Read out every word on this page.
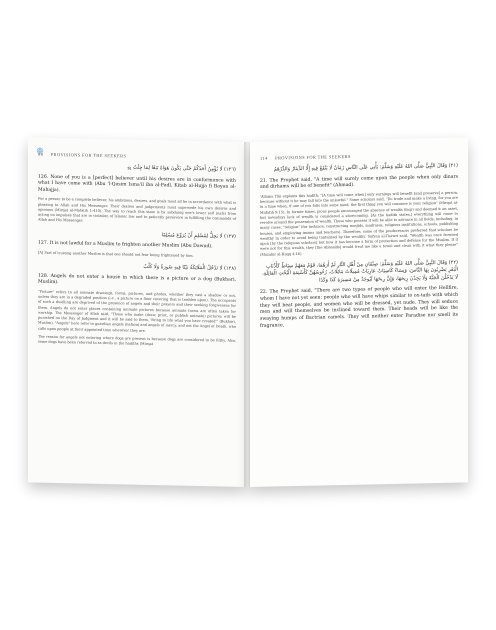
88 PROVISIONS FOR THE SEEKERS
(١٢٦) لَا يُؤْمِنُ أَحَدُكُمْ حَتَّى يَكُونَ هَوَاهُ تَبَعًا لِمَا جِئْتُ بِهِ

126. None of you is a [perfect] believer until his desires are in conformance with what I have come with (Abu 'l-Qasim Isma'il ibn al-Fadl, Kitab al-Hujja fi Bayan al-Mahajja).

For a person to be a complete believer, his ambitions, desires, and goals must all be in accordance with what is pleasing to Allah and His Messenger. Their desires and judgements must supersede his own desires and opinions (Mirqat al-Mafatih 1:410). The way to reach this state is by subduing one's lower self (nafs) from acting on impulses that are in violation of Islamic law and to patiently persevere in fulfilling the commands of Allah and His Messenger.

(١٢٧) لَا يَحِلُّ لِمُسْلِمٍ أَنْ يُرَوِّعَ مُسْلِمًا

127. It is not lawful for a Muslim to frighten another Muslim (Abu Dawud).

[A] Part of trusting another Muslim is that one should not fear being frightened by him.

(١٢٨) لَا تَدْخُلُ الْمَلَائِكَةُ بَيْتًا فِيهِ صُورَةٌ وَلَا كَلْبٌ

128. Angels do not enter a house in which there is a picture or a dog (Bukhari, Muslim).

"Picture" refers to all animate drawings, forms, pictures, and photos, whether they cast a shadow or not, unless they are in a degraded position (i.e., a picture on a floor covering that is trodden upon). The occupants of such a dwelling are deprived of the presence of angels and their prayers and their seeking forgiveness for them. Angels do not enter places containing animate pictures because animate forms are often taken for worship. The Messenger of Allah said, "Those who make (draw, print, or publish animate) pictures will be punished on the Day of Judgment and it will be said to them, 'Bring to life what you have created'" (Bukhari, Muslim). "Angels" here refer to guardian angels (hafaza) and angels of mercy, and not the Angel of Death, who calls upon people at their appointed time wherever they are.

The reason for angels not entering where dogs are present is because dogs are considered to be filthy. Also, some dogs have been referred to as devils in the hadiths (Mirqat

114 PROVISIONS FOR THE SEEKERS
(٢١) وَقَالَ النَّبِيُّ صَلَّى اللهُ عَلَيْهِ وَسَلَّمَ: يَأْتِي عَلَى النَّاسِ زَمَانٌ لَا يَنْفَعُ فِيهِ إِلَّا الدِّينَارُ وَالدِّرْهَمُ

21. The Prophet said, "A time will surely come upon the people when only dinars and dirhams will be of benefit" (Ahmad).

'Allama Tibi explains this hadith: "[A time will come when] only earnings will benefit [and preserve] a person, because without it he may fall into the unlawful." Some scholars said, "Do trade and make a living, for you are in a time when, if one of you falls into some need, the first thing you will consume is your religion" (Mirqat al-Mafatih 9:15). In former times, pious people encouraged the absence of wealth (faqr) and deemed it an asset, but nowadays lack of wealth is considered a shortcoming. [As the hadith states,] everything will come to revolve around the possession of wealth. Those who possess it will be able to advance in all fields, including, in many cases, "religion" (for instance, constructing masjids, madrasas, religious institutions, schools, publishing houses, and employing imams and teachers). Therefore, some of the predecessors preferred that scholars be wealthy in order to avoid being tantalized by the wealthy. Sufyan al-Thawri said, "Wealth was once frowned upon [by the religious scholars] but now it has become a form of protection and defense for the Muslim. If it were not for this wealth, they [the Abbasids] would treat me like a towel and clean with it what they please" (Mazahir al-Haqq 4:16).

(٢٢) وَقَالَ النَّبِيُّ صَلَّى اللهُ عَلَيْهِ وَسَلَّمَ: صِنْفَانِ مِنْ أَهْلِ النَّارِ لَمْ أَرَهُمَا، قَوْمٌ مَعَهُمْ سِيَاطٌ كَأَذْنَابِ الْبَقَرِ يَضْرِبُونَ بِهَا النَّاسَ، وَنِسَاءٌ كَاسِيَاتٌ عَارِيَاتٌ مُمِيلَاتٌ مَائِلَاتٌ، رُءُوسُهُنَّ كَأَسْنِمَةِ الْبُخْتِ الْمَائِلَةِ، لَا يَدْخُلْنَ الْجَنَّةَ وَلَا يَجِدْنَ رِيحَهَا، وَإِنَّ رِيحَهَا لَيُوجَدُ مِنْ مَسِيرَةِ كَذَا وَكَذَا

22. The Prophet said, "There are two types of people who will enter the Hellfire, whom I have not yet seen: people who will have whips similar to ox-tails with which they will beat people, and women who will be dressed, yet nude. They will seduce men and will themselves be inclined toward them. Their heads will be like the swaying humps of Bactrian camels. They will neither enter Paradise nor smell its fragrance,
